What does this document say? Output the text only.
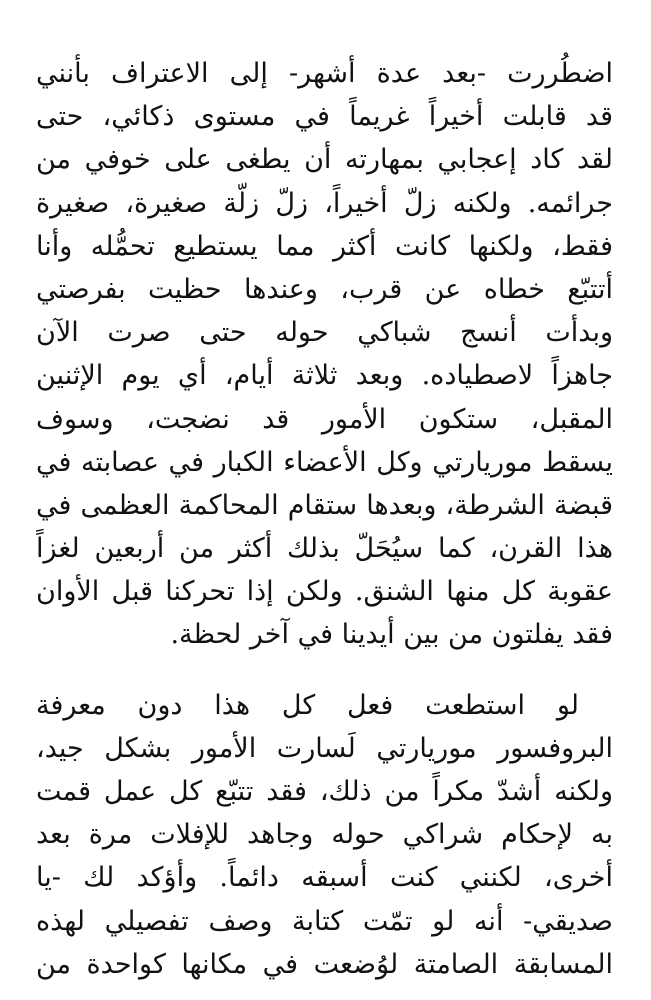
اضطُررت -بعد عدة أشهر- إلى الاعتراف بأنني
قد قابلت أخيراً غريماً في مستوى ذكائي، حتى
لقد كاد إعجابي بمهارته أن يطغى على خوفي من
جرائمه. ولكنه زلّ أخيراً، زلّ زلّة صغيرة، صغيرة
فقط، ولكنها كانت أكثر مما يستطيع تحمُّله وأنا
أتتبّع خطاه عن قرب، وعندها حظيت بفرصتي
وبدأت أنسج شباكي حوله حتى صرت الآن
جاهزاً لاصطياده. وبعد ثلاثة أيام، أي يوم الإثنين
المقبل، ستكون الأمور قد نضجت، وسوف
يسقط موريارتي وكل الأعضاء الكبار في عصابته في
قبضة الشرطة، وبعدها ستقام المحاكمة العظمى في
هذا القرن، كما سيُحَلّ بذلك أكثر من أربعين لغزاً
عقوبة كل منها الشنق. ولكن إذا تحركنا قبل الأوان
فقد يفلتون من بين أيدينا في آخر لحظة.
لو استطعت فعل كل هذا دون معرفة
البروفسور موريارتي لَسارت الأمور بشكل جيد،
ولكنه أشدّ مكراً من ذلك، فقد تتبّع كل عمل قمت
به لإحكام شراكي حوله وجاهد للإفلات مرة بعد
أخرى، لكنني كنت أسبقه دائماً. وأؤكد لك -يا
صديقي- أنه لو تمّت كتابة وصف تفصيلي لهذه
المسابقة الصامتة لوُضعت في مكانها كواحدة من
